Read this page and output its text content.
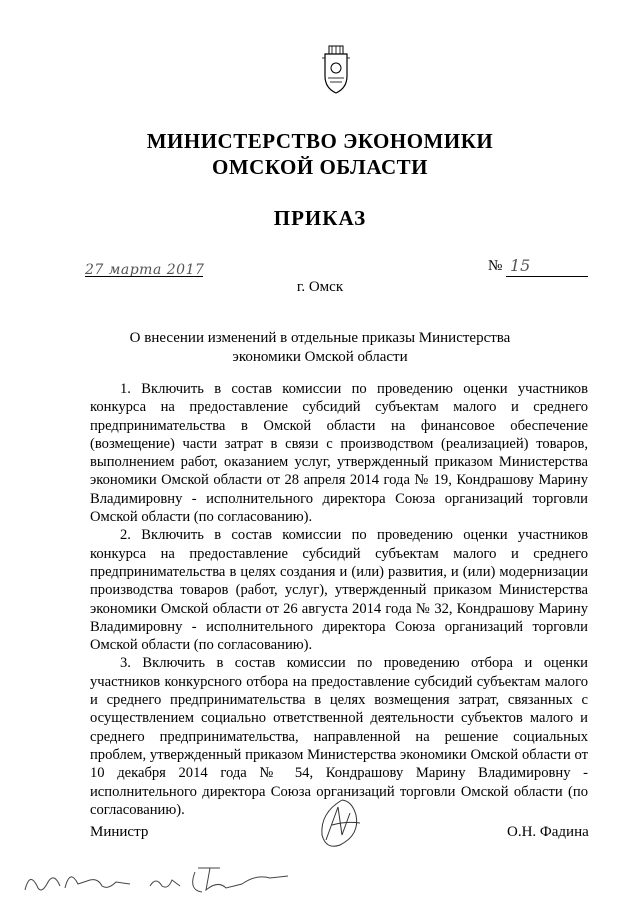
МИНИСТЕРСТВО ЭКОНОМИКИ
ОМСКОЙ ОБЛАСТИ
ПРИКАЗ
27 марта 2017	№ 15
г. Омск
О внесении изменений в отдельные приказы Министерства
экономики Омской области

1. Включить в состав комиссии по проведению оценки участников конкурса на предоставление субсидий субъектам малого и среднего предпринимательства в Омской области на финансовое обеспечение (возмещение) части затрат в связи с производством (реализацией) товаров, выполнением работ, оказанием услуг, утвержденный приказом Министерства экономики Омской области от 28 апреля 2014 года № 19, Кондрашову Марину Владимировну - исполнительного директора Союза организаций торговли Омской области (по согласованию).

2. Включить в состав комиссии по проведению оценки участников конкурса на предоставление субсидий субъектам малого и среднего предпринимательства в целях создания и (или) развития, и (или) модернизации производства товаров (работ, услуг), утвержденный приказом Министерства экономики Омской области от 26 августа 2014 года № 32, Кондрашову Марину Владимировну - исполнительного директора Союза организаций торговли Омской области (по согласованию).

3. Включить в состав комиссии по проведению отбора и оценки участников конкурсного отбора на предоставление субсидий субъектам малого и среднего предпринимательства в целях возмещения затрат, связанных с осуществлением социально ответственной деятельности субъектов малого и среднего предпринимательства, направленной на решение социальных проблем, утвержденный приказом Министерства экономики Омской области от 10 декабря 2014 года № 54, Кондрашову Марину Владимировну - исполнительного директора Союза организаций торговли Омской области (по согласованию).

Министр	О.Н. Фадина
